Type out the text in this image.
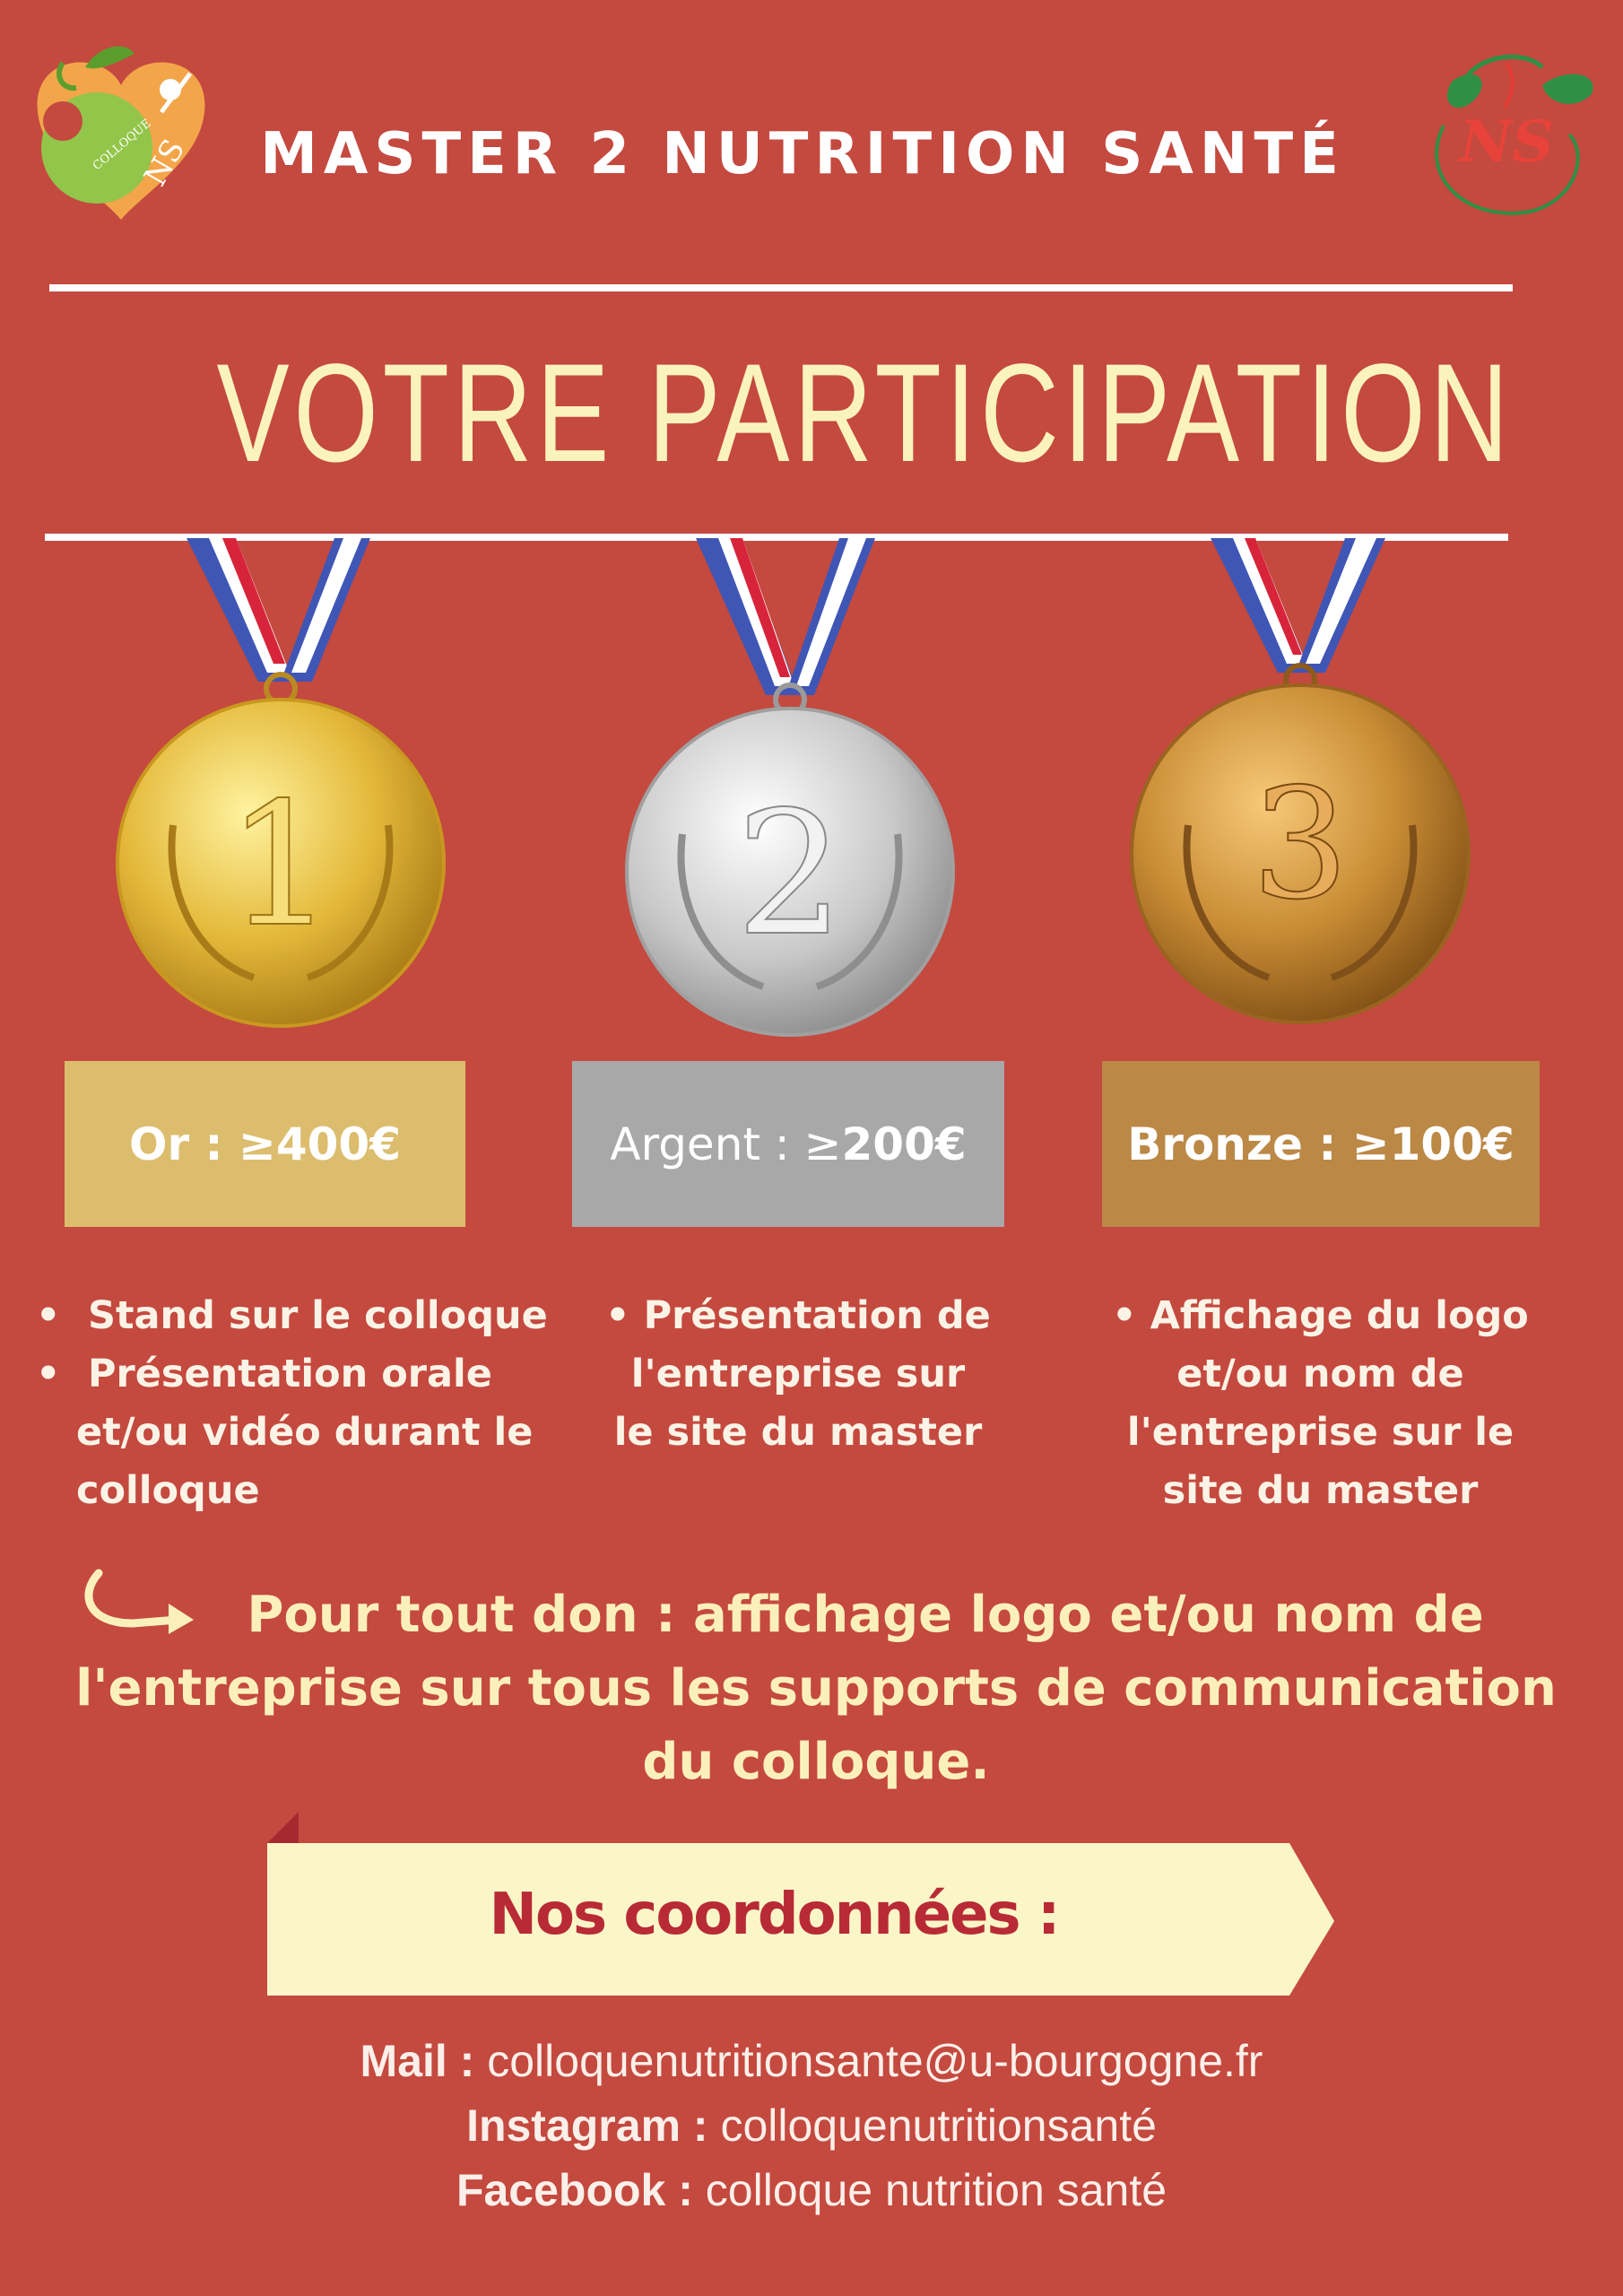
COLLOQUE
NS	MASTER 2 NUTRITION SANTÉ	NS
VOTRE PARTICIPATION
1 2	3
Or : ≥ 400€	Argent : ≥ 200€	Bronze : ≥ 100€
• Stand sur le colloque
• Présentation orale
et/ou vidéo durant le
colloque
• Présentation de
l'entreprise sur
le site du master
• Affichage du logo
et/ou nom de
l'entreprise sur le
site du master
Pour tout don : affichage logo et/ou nom de
l'entreprise sur tous les supports de communication
du colloque.
Nos coordonnées :
Mail : colloquenutritionsante@u-bourgogne.fr
Instagram : colloquenutritionsanté
Facebook : colloque nutrition santé
